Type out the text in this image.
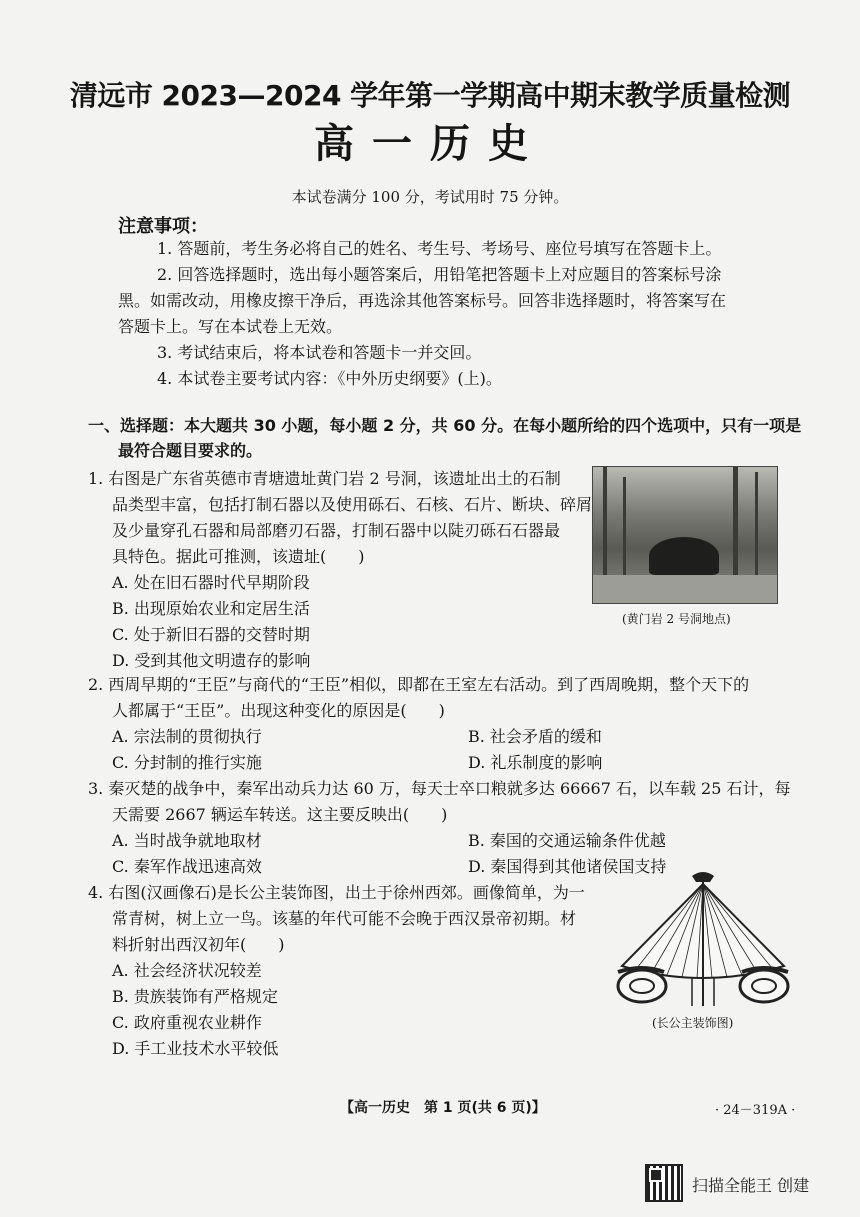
清远市 2023—2024 学年第一学期高中期末教学质量检测
高一历史
本试卷满分 100 分，考试用时 75 分钟。
注意事项：
1. 答题前，考生务必将自己的姓名、考生号、考场号、座位号填写在答题卡上。
2. 回答选择题时，选出每小题答案后，用铅笔把答题卡上对应题目的答案标号涂
黑。如需改动，用橡皮擦干净后，再选涂其他答案标号。回答非选择题时，将答案写在
答题卡上。写在本试卷上无效。
3. 考试结束后，将本试卷和答题卡一并交回。
4. 本试卷主要考试内容：《中外历史纲要》(上)。
一、选择题：本大题共 30 小题，每小题 2 分，共 60 分。在每小题所给的四个选项中，只有一项是
最符合题目要求的。
1. 右图是广东省英德市青塘遗址黄门岩 2 号洞，该遗址出土的石制
品类型丰富，包括打制石器以及使用砾石、石核、石片、断块、碎屑
及少量穿孔石器和局部磨刃石器，打制石器中以陡刃砾石石器最
具特色。据此可推测，该遗址(　　)
A. 处在旧石器时代早期阶段
B. 出现原始农业和定居生活
C. 处于新旧石器的交替时期
D. 受到其他文明遗存的影响
(黄门岩 2 号洞地点)
2. 西周早期的“王臣”与商代的“王臣”相似，即都在王室左右活动。到了西周晚期，整个天下的
人都属于“王臣”。出现这种变化的原因是(　　)
A. 宗法制的贯彻执行	B. 社会矛盾的缓和
C. 分封制的推行实施	D. 礼乐制度的影响
3. 秦灭楚的战争中，秦军出动兵力达 60 万，每天士卒口粮就多达 66667 石，以车载 25 石计，每
天需要 2667 辆运车转送。这主要反映出(　　)
A. 当时战争就地取材	B. 秦国的交通运输条件优越
C. 秦军作战迅速高效	D. 秦国得到其他诸侯国支持
4. 右图(汉画像石)是长公主装饰图，出土于徐州西郊。画像简单，为一
常青树，树上立一鸟。该墓的年代可能不会晚于西汉景帝初期。材
料折射出西汉初年(　　)
A. 社会经济状况较差
B. 贵族装饰有严格规定
C. 政府重视农业耕作
D. 手工业技术水平较低
(长公主装饰图)
【高一历史　第 1 页(共 6 页)】	· 24－319A ·
扫描全能王 创建
